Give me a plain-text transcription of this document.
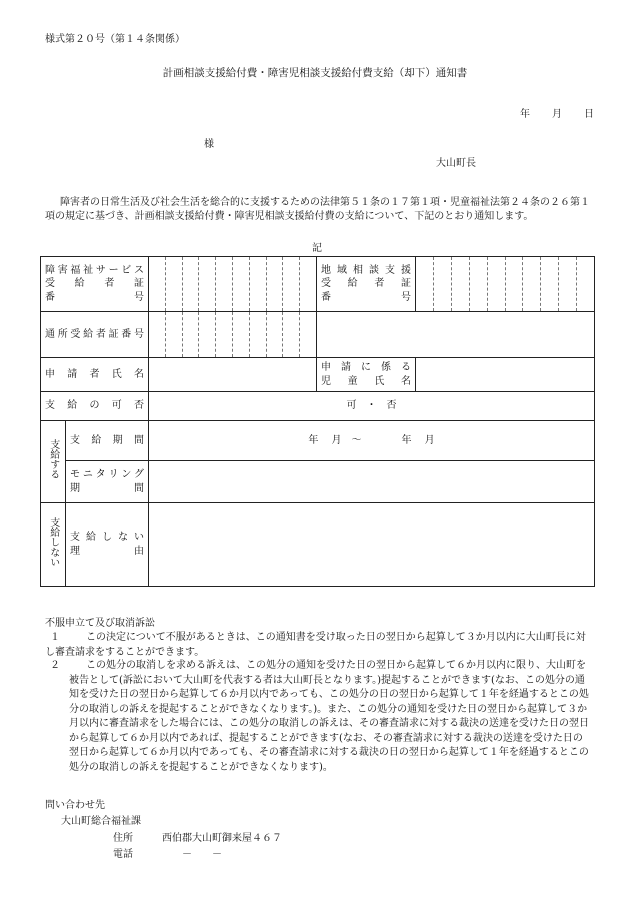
様式第２０号（第１４条関係）
計画相談支援給付費・障害児相談支援給付費支給（却下）通知書
年 月 日
様
大山町長
障害者の日常生活及び社会生活を総合的に支援するための法律第５１条の１７第１項・児童福祉法第２４条の２６第１項の規定に基づき、計画相談支援給付費・障害児相談支援給付費の支給について、下記のとおり通知します。
記
障害福祉サービス
受　給　者　証
番　　　　号			地域相談支援
受　給　者　証
番　　　　号	

通所受給者証番号				

申　請　者　氏　名			申　請　に　係　る
児　童　氏　名	

支　給　の　可　否		可　・　否		
支給する	支　給　期　間	年　 月　～　　　　年　 月		

	モニタリング
期　　間			

支給しない	支給しない
理　　由			

不服申立て及び取消訴訟
１	この決定について不服があるときは、この通知書を受け取った日の翌日から起算して３か月以内に大山町長に対し審査請求をすることができます。
２	この処分の取消しを求める訴えは、この処分の通知を受けた日の翌日から起算して６か月以内に限り、大山町を被告として(訴訟において大山町を代表する者は大山町長となります。)提起することができます(なお、この処分の通知を受けた日の翌日から起算して６か月以内であっても、この処分の日の翌日から起算して１年を経過するとこの処分の取消しの訴えを提起することができなくなります。)。また、この処分の通知を受けた日の翌日から起算して３か月以内に審査請求をした場合には、この処分の取消しの訴えは、その審査請求に対する裁決の送達を受けた日の翌日から起算して６か月以内であれば、提起することができます(なお、その審査請求に対する裁決の送達を受けた日の翌日から起算して６か月以内であっても、その審査請求に対する裁決の日の翌日から起算して１年を経過するとこの処分の取消しの訴えを提起することができなくなります)。
問い合わせ先
大山町総合福祉課
住所	西伯郡大山町御来屋４６７
電話	－　　－
